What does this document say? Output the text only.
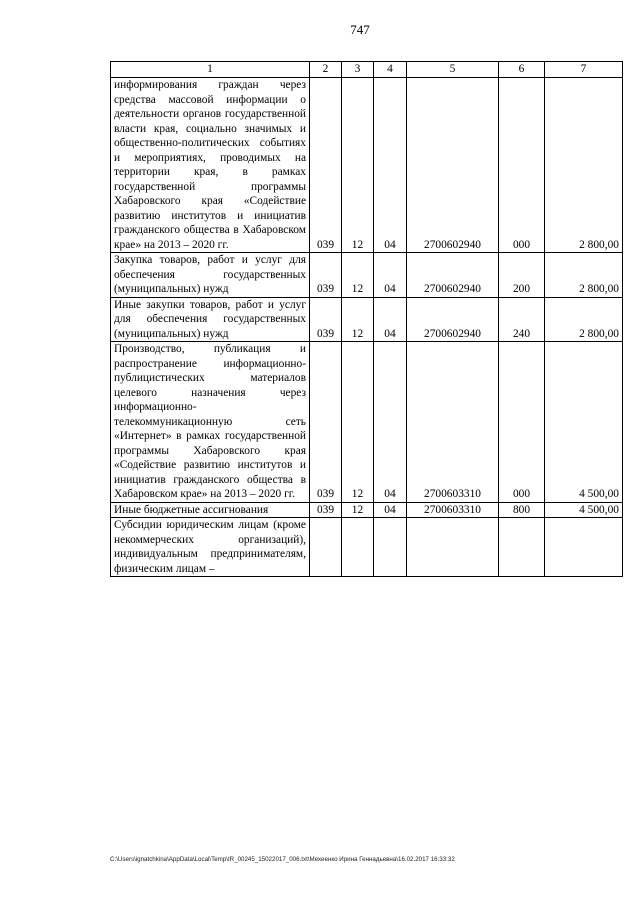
747
1	2	3	4	5	6	7
информирования граждан через средства массовой информации о деятельности органов государственной власти края, социально значимых и общественно-политических событиях и мероприятиях, проводимых на территории края, в рамках государственной программы Хабаровского края «Содействие развитию институтов и инициатив гражданского общества в Хабаровском крае» на 2013 – 2020 гг.	039	12	04	2700602940	000	2 800,00
Закупка товаров, работ и услуг для обеспечения государственных (муниципальных) нужд	039	12	04	2700602940	200	2 800,00
Иные закупки товаров, работ и услуг для обеспечения государственных (муниципальных) нужд	039	12	04	2700602940	240	2 800,00
Производство, публикация и распространение информационно-публицистических материалов целевого назначения через информационно-телекоммуникационную сеть «Интернет» в рамках государственной программы Хабаровского края «Содействие развитию институтов и инициатив гражданского общества в Хабаровском крае» на 2013 – 2020 гг.	039	12	04	2700603310	000	4 500,00
Иные бюджетные ассигнования	039	12	04	2700603310	800	4 500,00
Субсидии юридическим лицам (кроме некоммерческих организаций), индивидуальным предпринимателям, физическим лицам –						
C:\Users\ignatchkina\AppData\Local\Temp\IR_00245_15022017_006.txt\Мехеенко Ирина Геннадьевна\16.02.2017 16:33:32
